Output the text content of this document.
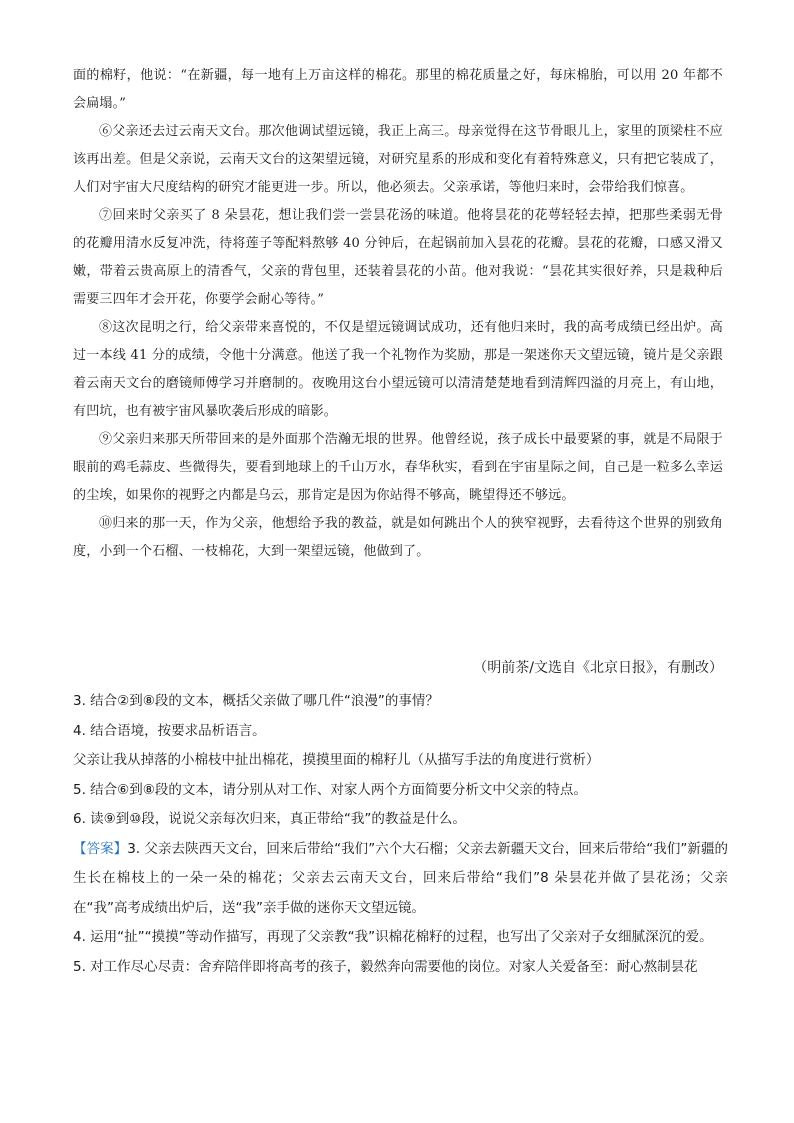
面的棉籽，他说：“在新疆，每一地有上万亩这样的棉花。那里的棉花质量之好，每床棉胎，可以用 20 年都不会扁塌。”

⑥父亲还去过云南天文台。那次他调试望远镜，我正上高三。母亲觉得在这节骨眼儿上，家里的顶梁柱不应该再出差。但是父亲说，云南天文台的这架望远镜，对研究星系的形成和变化有着特殊意义，只有把它装成了，人们对宇宙大尺度结构的研究才能更进一步。所以，他必须去。父亲承诺，等他归来时，会带给我们惊喜。

⑦回来时父亲买了 8 朵昙花，想让我们尝一尝昙花汤的味道。他将昙花的花萼轻轻去掉，把那些柔弱无骨的花瓣用清水反复冲洗，待将莲子等配料熬够 40 分钟后，在起锅前加入昙花的花瓣。昙花的花瓣，口感又滑又嫩，带着云贵高原上的清香气，父亲的背包里，还装着昙花的小苗。他对我说：“昙花其实很好养，只是栽种后需要三四年才会开花，你要学会耐心等待。”

⑧这次昆明之行，给父亲带来喜悦的，不仅是望远镜调试成功，还有他归来时，我的高考成绩已经出炉。高过一本线 41 分的成绩，令他十分满意。他送了我一个礼物作为奖励，那是一架迷你天文望远镜，镜片是父亲跟着云南天文台的磨镜师傅学习并磨制的。夜晚用这台小望远镜可以清清楚楚地看到清辉四溢的月亮上，有山地，有凹坑，也有被宇宙风暴吹袭后形成的暗影。

⑨父亲归来那天所带回来的是外面那个浩瀚无垠的世界。他曾经说，孩子成长中最要紧的事，就是不局限于眼前的鸡毛蒜皮、些微得失，要看到地球上的千山万水，春华秋实，看到在宇宙星际之间，自己是一粒多么幸运的尘埃，如果你的视野之内都是乌云，那肯定是因为你站得不够高，眺望得还不够远。

⑩归来的那一天，作为父亲，他想给予我的教益，就是如何跳出个人的狭窄视野，去看待这个世界的别致角度，小到一个石榴、一枝棉花，大到一架望远镜，他做到了。

（明前茶/文选自《北京日报》，有删改）

3. 结合②到⑧段的文本，概括父亲做了哪几件“浪漫”的事情？

4. 结合语境，按要求品析语言。

父亲让我从掉落的小棉枝中扯出棉花，摸摸里面的棉籽儿（从描写手法的角度进行赏析）

5. 结合⑥到⑧段的文本，请分别从对工作、对家人两个方面简要分析文中父亲的特点。

6. 读⑨到⑩段，说说父亲每次归来，真正带给“我”的教益是什么。

【答案】3. 父亲去陕西天文台，回来后带给“我们”六个大石榴；父亲去新疆天文台，回来后带给“我们”新疆的生长在棉枝上的一朵一朵的棉花；父亲去云南天文台，回来后带给“我们”8 朵昙花并做了昙花汤；父亲在“我”高考成绩出炉后，送“我”亲手做的迷你天文望远镜。

4. 运用“扯”“摸摸”等动作描写，再现了父亲教“我”识棉花棉籽的过程，也写出了父亲对子女细腻深沉的爱。

5. 对工作尽心尽责：舍弃陪伴即将高考的孩子，毅然奔向需要他的岗位。对家人关爱备至：耐心熬制昙花
